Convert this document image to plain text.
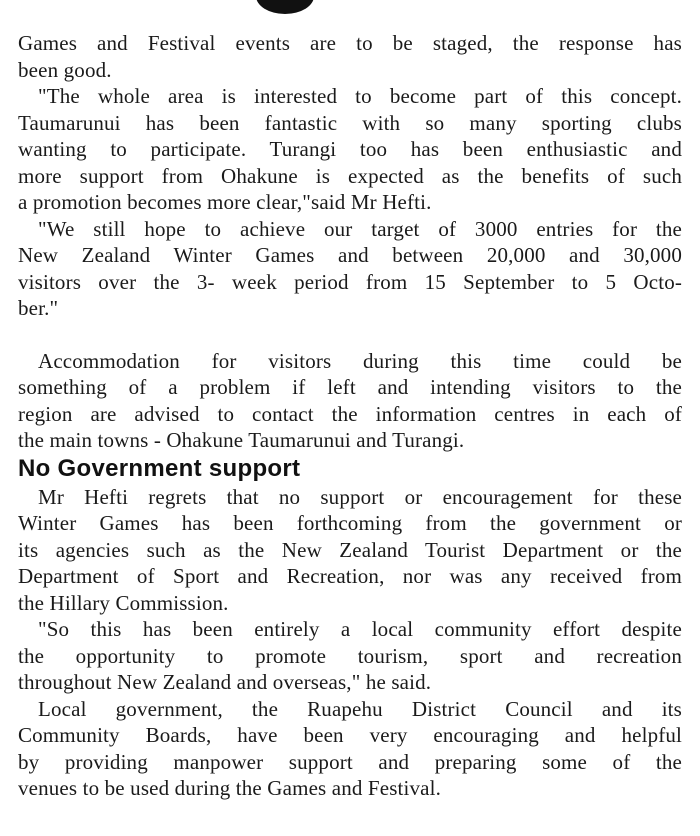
Games and Festival events are to be staged, the response has
been good.
"The whole area is interested to become part of this concept.
Taumarunui has been fantastic with so many sporting clubs
wanting to participate. Turangi too has been enthusiastic and
more support from Ohakune is expected as the benefits of such
a promotion becomes more clear,"said Mr Hefti.
"We still hope to achieve our target of 3000 entries for the
New Zealand Winter Games and between 20,000 and 30,000
visitors over the 3- week period from 15 September to 5 Octo-
ber."
Accommodation for visitors during this time could be
something of a problem if left and intending visitors to the
region are advised to contact the information centres in each of
the main towns - Ohakune Taumarunui and Turangi.
No Government support
Mr Hefti regrets that no support or encouragement for these
Winter Games has been forthcoming from the government or
its agencies such as the New Zealand Tourist Department or the
Department of Sport and Recreation, nor was any received from
the Hillary Commission.
"So this has been entirely a local community effort despite
the opportunity to promote tourism, sport and recreation
throughout New Zealand and overseas," he said.
Local government, the Ruapehu District Council and its
Community Boards, have been very encouraging and helpful
by providing manpower support and preparing some of the
venues to be used during the Games and Festival.
